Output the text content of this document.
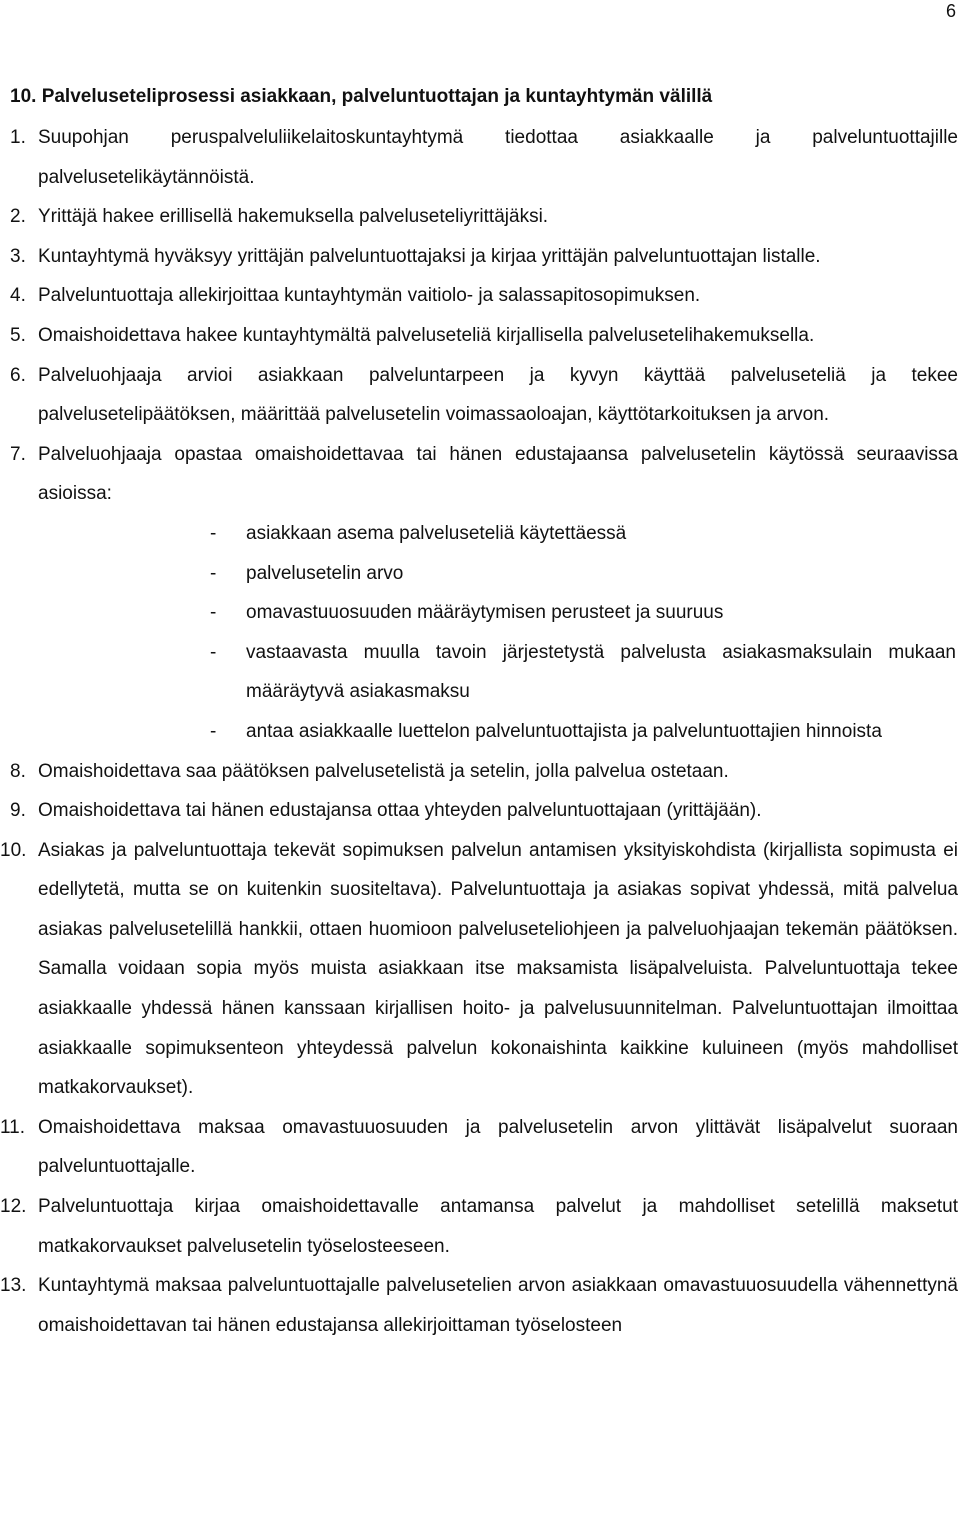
6
10. Palveluseteliprosessi asiakkaan, palveluntuottajan ja kuntayhtymän välillä
1. Suupohjan peruspalveluliikelaitoskuntayhtymä tiedottaa asiakkaalle ja palveluntuottajille palvelusetelikäytännöistä.
2. Yrittäjä hakee erillisellä hakemuksella palveluseteliyrittäjäksi.
3. Kuntayhtymä hyväksyy yrittäjän palveluntuottajaksi ja kirjaa yrittäjän palveluntuottajan listalle.
4. Palveluntuottaja allekirjoittaa kuntayhtymän vaitiolo- ja salassapitosopimuksen.
5. Omaishoidettava hakee kuntayhtymältä palveluseteliä kirjallisella palvelusetelihakemuksella.
6. Palveluohjaaja arvioi asiakkaan palveluntarpeen ja kyvyn käyttää palveluseteliä ja tekee palvelusetelipäätöksen, määrittää palvelusetelin voimassaoloajan, käyttötarkoituksen ja arvon.
7. Palveluohjaaja opastaa omaishoidettavaa tai hänen edustajaansa palvelusetelin käytössä seuraavissa asioissa:
- asiakkaan asema palveluseteliä käytettäessä
- palvelusetelin arvo
- omavastuuosuuden määräytymisen perusteet ja suuruus
- vastaavasta muulla tavoin järjestetystä palvelusta asiakasmaksulain mukaan määräytyvä asiakasmaksu
- antaa asiakkaalle luettelon palveluntuottajista ja palveluntuottajien hinnoista
8. Omaishoidettava saa päätöksen palvelusetelistä ja setelin, jolla palvelua ostetaan.
9. Omaishoidettava tai hänen edustajansa ottaa yhteyden palveluntuottajaan (yrittäjään).
10. Asiakas ja palveluntuottaja tekevät sopimuksen palvelun antamisen yksityiskohdista (kirjallista sopimusta ei edellytetä, mutta se on kuitenkin suositeltava). Palveluntuottaja ja asiakas sopivat yhdessä, mitä palvelua asiakas palvelusetelillä hankkii, ottaen huomioon palveluseteliohjeen ja palveluohjaajan tekemän päätöksen. Samalla voidaan sopia myös muista asiakkaan itse maksamista lisäpalveluista. Palveluntuottaja tekee asiakkaalle yhdessä hänen kanssaan kirjallisen hoito- ja palvelusuunnitelman. Palveluntuottajan ilmoittaa asiakkaalle sopimuksenteon yhteydessä palvelun kokonaishinta kaikkine kuluineen (myös mahdolliset matkakorvaukset).
11. Omaishoidettava maksaa omavastuuosuuden ja palvelusetelin arvon ylittävät lisäpalvelut suoraan palveluntuottajalle.
12. Palveluntuottaja kirjaa omaishoidettavalle antamansa palvelut ja mahdolliset setelillä maksetut matkakorvaukset palvelusetelin työselosteeseen.
13. Kuntayhtymä maksaa palveluntuottajalle palvelusetelien arvon asiakkaan omavastuuosuudella vähennettynä omaishoidettavan tai hänen edustajansa allekirjoittaman työselosteen
